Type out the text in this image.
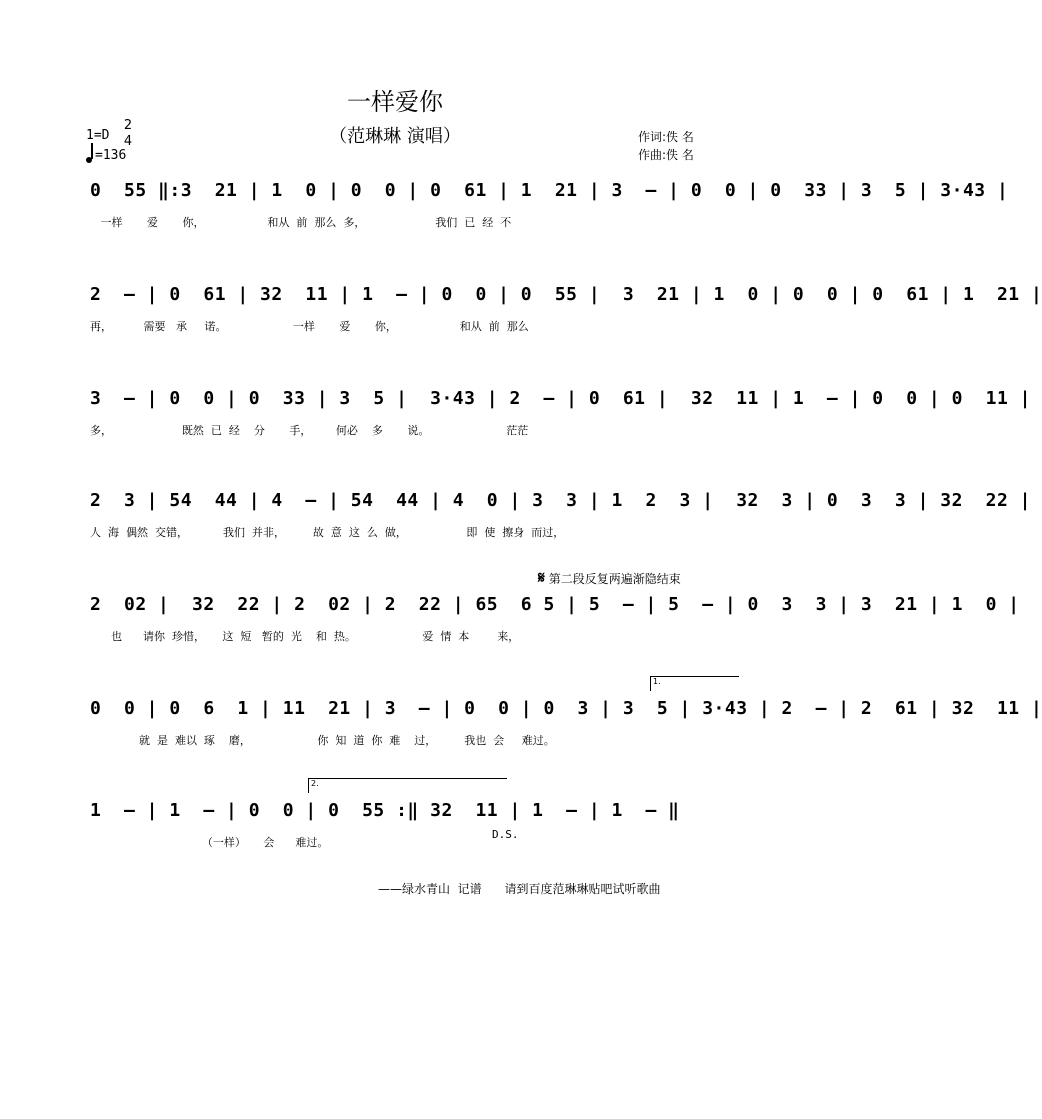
一样爱你
（范琳琳 演唱）	作词:佚 名
作曲:佚 名
1=D
2
4
=136
0  55 ‖:3  21 | 1  0 | 0  0 | 0  61 | 1  21 | 3  – | 0  0 | 0  33 | 3  5 | 3·43 |
一样       爱       你，                  和从  前  那么  多，                    我们  已  经  不
2  – | 0  61 | 32  11 | 1  – | 0  0 | 0  55 |  3  21 | 1  0 | 0  0 | 0  61 | 1  21 |
再，         需要   承     诺。                   一样       爱       你，                  和从  前  那么
3  – | 0  0 | 0  33 | 3  5 |  3·43 | 2  – | 0  61 |  32  11 | 1  – | 0  0 | 0  11 |
多，                    既然  已  经    分       手，       何必    多       说。                      茫茫
2  3 | 54  44 | 4  – | 54  44 | 4  0 | 3  3 | 1  2  3 |  32  3 | 0  3  3 | 32  22 |
人  海  偶然  交错，          我们  并非，        故  意  这  么  做，                 即  使  擦身  而过，
𝄋 第二段反复两遍渐隐结束
2  02 |  32  22 | 2  02 | 2  22 | 65  6 5 | 5  – | 5  – | 0  3  3 | 3  21 | 1  0 |
也      请你  珍惜，     这  短   暂的  光    和  热。                   爱  情  本        来，
1.
0  0 | 0  6  1 | 11  21 | 3  – | 0  0 | 0  3 | 3  5 | 3·43 | 2  – | 2  61 | 32  11 |
就  是  难以  琢    磨，                   你  知  道  你  难    过，        我也  会     难过。
2.
1  – | 1  – | 0  0 | 0  55 :‖ 32  11 | 1  – | 1  – ‖
（一样）     会      难过。
D.S.
——绿水青山  记谱      请到百度范琳琳贴吧试听歌曲
